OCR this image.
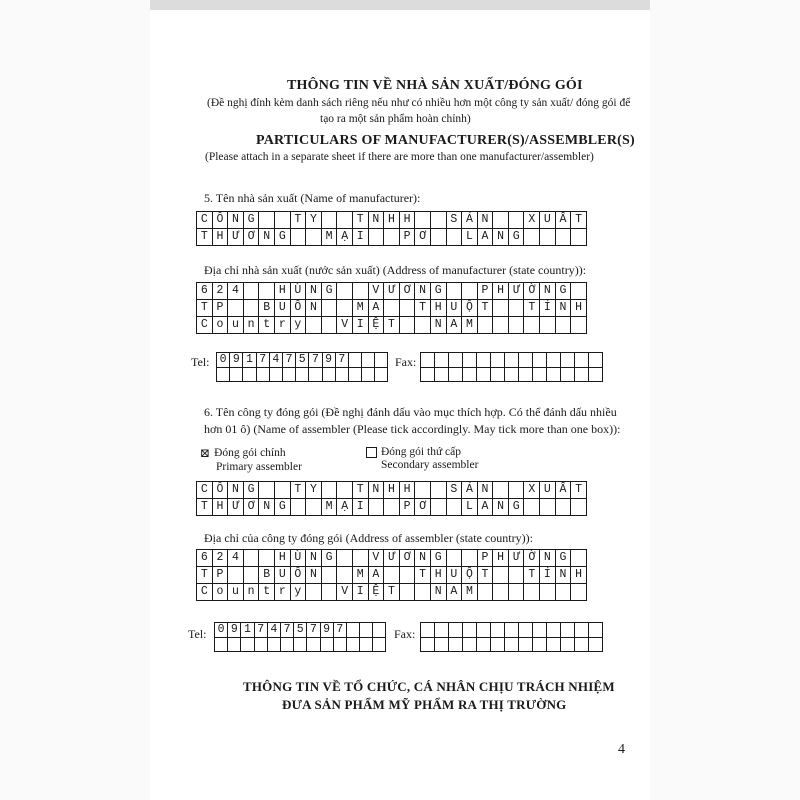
THÔNG TIN VỀ NHÀ SẢN XUẤT/ĐÓNG GÓI
(Đề nghị đính kèm danh sách riêng nếu như có nhiều hơn một công ty sản xuất/ đóng gói để
tạo ra một sản phẩm hoàn chỉnh)
PARTICULARS OF MANUFACTURER(S)/ASSEMBLER(S)
(Please attach in a separate sheet if there are more than one manufacturer/assembler)
5. Tên nhà sản xuất (Name of manufacturer):
C Ô N G	T Y	T N H H	S Ả N	X U Ấ T
T H Ư Ơ N G	M Ạ I	P Ơ	L A N G
Địa chỉ nhà sản xuất (nước sản xuất) (Address of manufacturer (state country)):
6 2 4	H Ù N G	V Ư Ơ N G	P H Ư Ờ N G
T P	B U Ô N	M A	T H U Ộ T	T Ỉ N H
C o u n t r y	V I Ệ T	N A M
Tel: 0 9 1 7 4 7 5 7 9 7	Fax:
6. Tên công ty đóng gói (Đề nghị đánh dấu vào mục thích hợp. Có thể đánh dấu nhiều
hơn 01 ô) (Name of assembler (Please tick accordingly. May tick more than one box)):
⊠ Đóng gói chính
Primary assembler
Đóng gói thứ cấp
Secondary assembler
C Ô N G	T Y	T N H H	S Ả N	X U Ấ T
T H Ư Ơ N G	M Ạ I	P Ơ	L A N G
Địa chỉ của công ty đóng gói (Address of assembler (state country)):
6 2 4	H Ù N G	V Ư Ơ N G	P H Ư Ờ N G
T P	B U Ô N	M A	T H U Ộ T	T Ỉ N H
C o u n t r y	V I Ệ T	N A M
Tel: 0 9 1 7 4 7 5 7 9 7	Fax:
THÔNG TIN VỀ TỔ CHỨC, CÁ NHÂN CHỊU TRÁCH NHIỆM
ĐƯA SẢN PHẨM MỸ PHẨM RA THỊ TRƯỜNG
4
